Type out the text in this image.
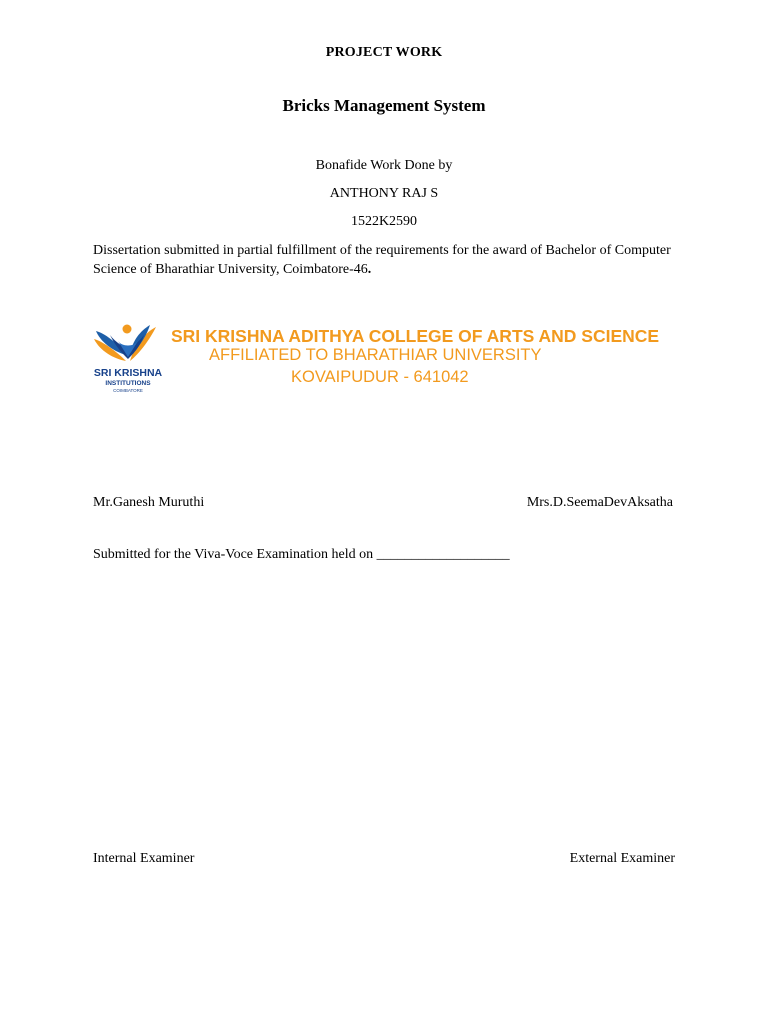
PROJECT WORK
Bricks Management System
Bonafide Work Done by
ANTHONY RAJ S
1522K2590
Dissertation submitted in partial fulfillment of the requirements for the award of Bachelor of Computer Science of Bharathiar University, Coimbatore-46.
SRI KRISHNA
INSTITUTIONS
COIMBATORE
SRI KRISHNA ADITHYA COLLEGE OF ARTS AND SCIENCE
AFFILIATED TO BHARATHIAR UNIVERSITY
KOVAIPUDUR - 641042
Mr.Ganesh Muruthi	Mrs.D.SeemaDevAksatha
Submitted for the Viva-Voce Examination held on ___________________
Internal Examiner	External Examiner
